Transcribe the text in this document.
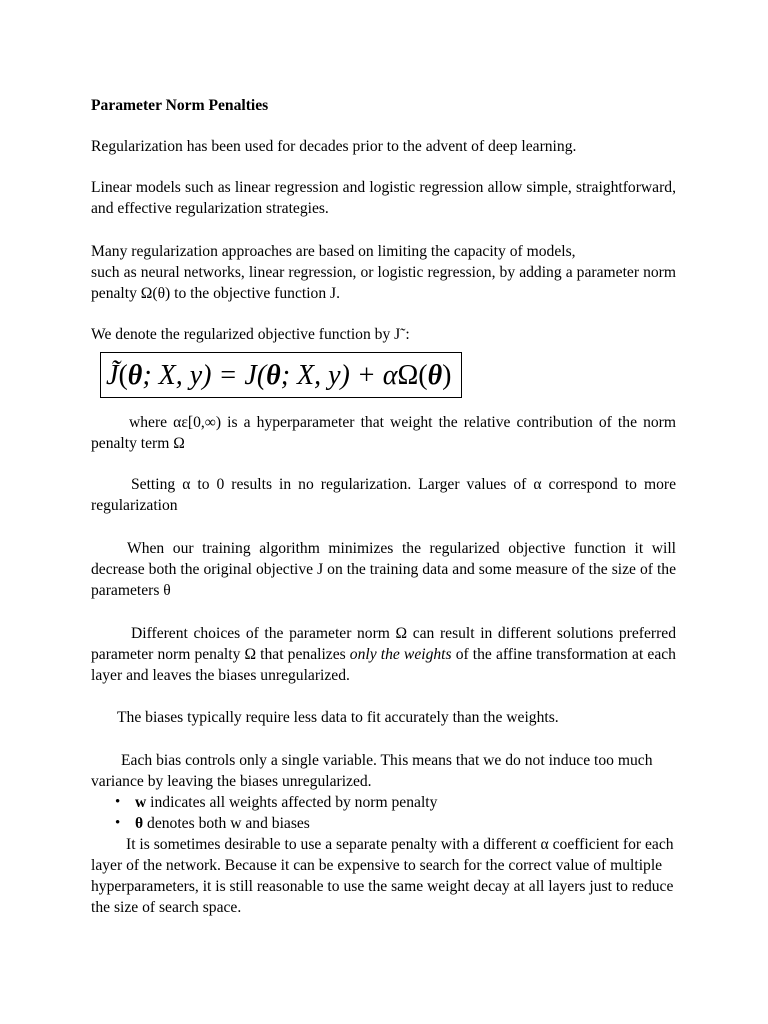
Parameter Norm Penalties

Regularization has been used for decades prior to the advent of deep learning.

Linear models such as linear regression and logistic regression allow simple, straightforward, and effective regularization strategies.

Many regularization approaches are based on limiting the capacity of models,

such as neural networks, linear regression, or logistic regression, by adding a parameter norm penalty Ω(θ) to the objective function J.

We denote the regularized objective function by J˜:

J̃(θ; X, y) = J(θ; X, y) + αΩ(θ)

where αε[0,∞) is a hyperparameter that weight the relative contribution of the norm penalty term Ω

Setting α to 0 results in no regularization. Larger values of α correspond to more regularization

When our training algorithm minimizes the regularized objective function it will decrease both the original objective J on the training data and some measure of the size of the parameters θ

Different choices of the parameter norm Ω can result in different solutions preferred parameter norm penalty Ω that penalizes only the weights of the affine transformation at each layer and leaves the biases unregularized.

The biases typically require less data to fit accurately than the weights.

Each bias controls only a single variable. This means that we do not induce too much variance by leaving the biases unregularized.

• w indicates all weights affected by norm penalty
• θ denotes both w and biases

It is sometimes desirable to use a separate penalty with a different α coefficient for each layer of the network. Because it can be expensive to search for the correct value of multiple hyperparameters, it is still reasonable to use the same weight decay at all layers just to reduce the size of search space.
